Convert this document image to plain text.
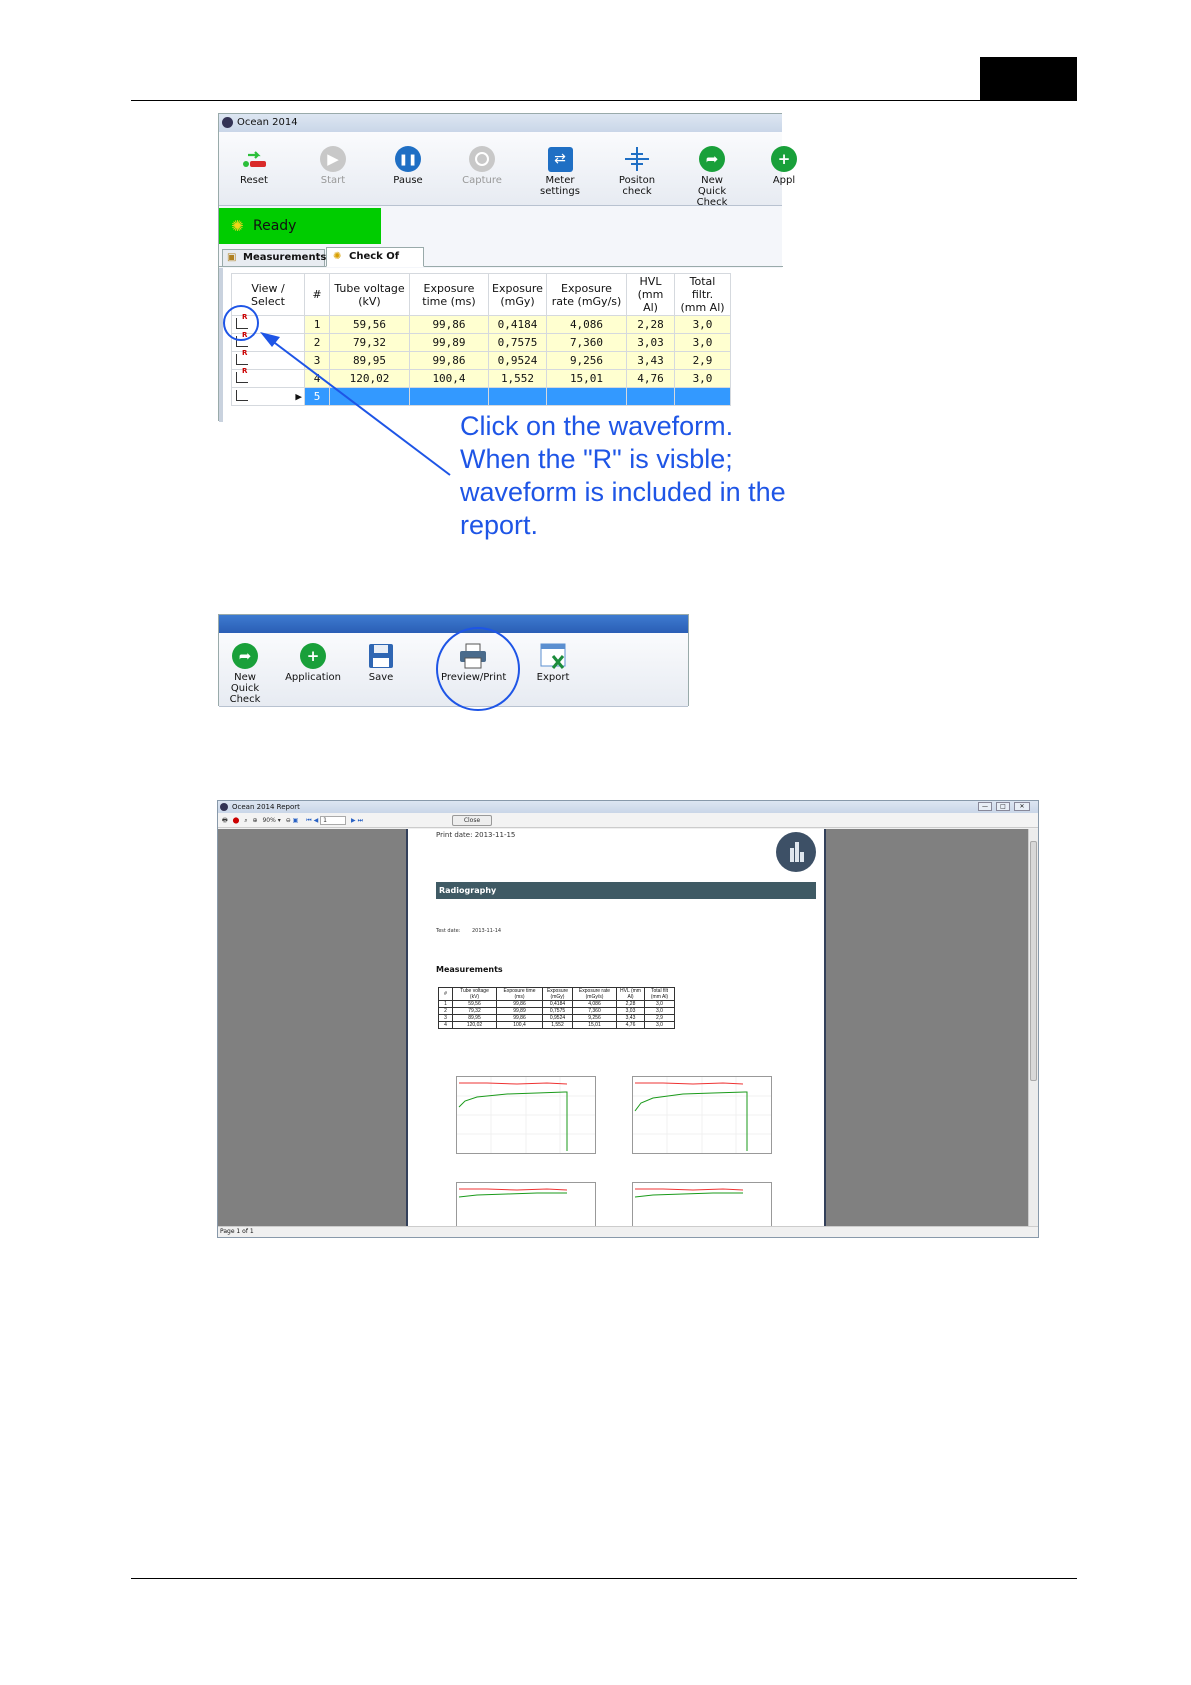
Ocean 2014
Reset
▶
Start
❚❚
Pause	Capture
⇄
Meter settings
Positon check
➦
New Quick Check
+
Appl
✺ Ready
▣ Measurements ✺ Check Of
View / Select	#	Tube voltage (kV)	Exposure time (ms)	Exposure (mGy)	Exposure rate (mGy/s)	HVL (mm Al)	Total filtr. (mm Al)

R	1	59,56	99,86	0,4184	4,086	2,28	3,0

R	2	79,32	99,89	0,7575	7,360	3,03	3,0

R	3	89,95	99,86	0,9524	9,256	3,43	2,9

R	4	120,02	100,4	1,552	15,01	4,76	3,0

▶	5						
Click on the waveform. When the "R" is visble; waveform is included in the report.
➦
New Quick Check
+
Application	Save	Preview/Print	Export
Ocean 2014 Report	—	□	✕
🖶 ⬤ ⌕ ⊕ 90% ▾ ⊖ ▣ ⏮ ◀ 1	▶ ⏭	Close
Print date: 2013-11-15
Radiography
Test date: 2013-11-14
Measurements
#	Tube voltage (kV)	Exposure time (ms)	Exposure (mGy)	Exposure rate (mGy/s)	HVL (mm Al)	Total filt (mm Al)
1	59,56	99,86	0,4184	4,086	2,28	3,0
2	79,32	99,89	0,7575	7,360	3,03	3,0
3	89,95	99,86	0,9524	9,256	3,43	2,9
4	120,02	100,4	1,552	15,01	4,76	3,0
Page 1 of 1
